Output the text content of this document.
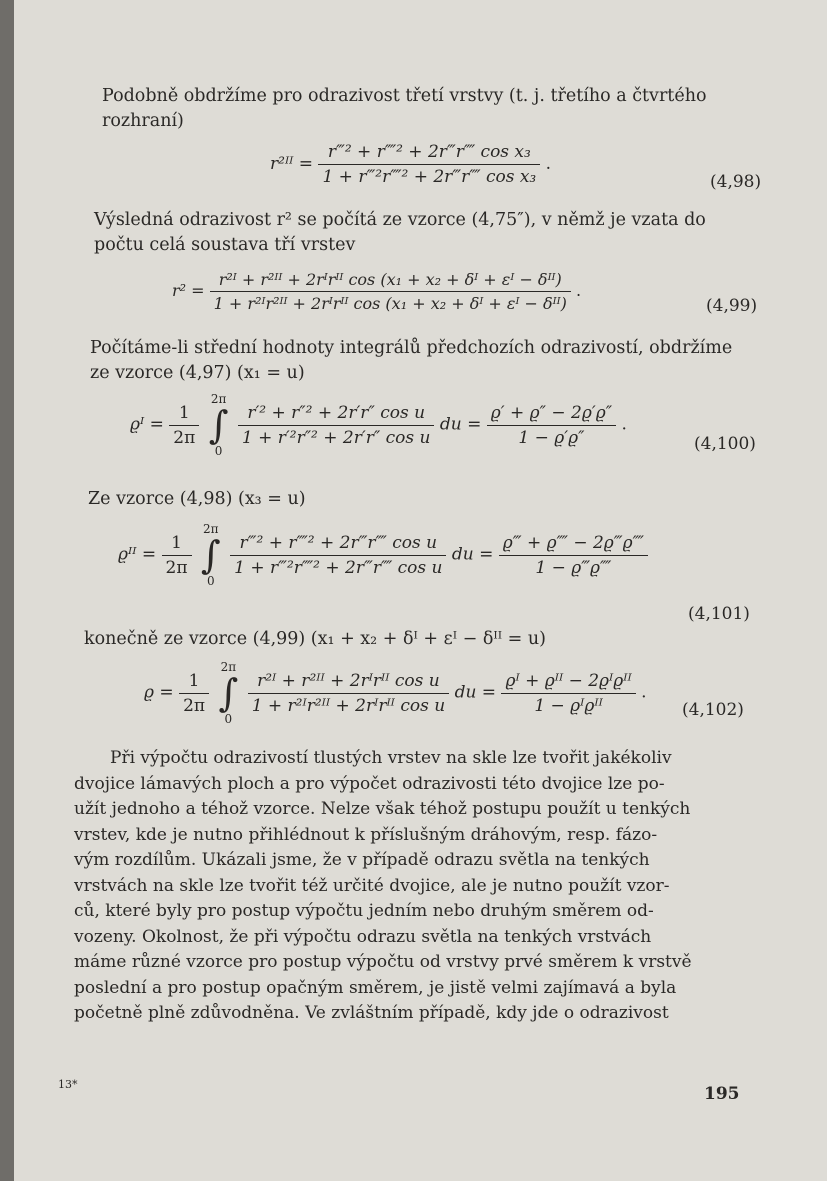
Podobně obdržíme pro odrazivost třetí vrstvy (t. j. třetího a čtvrtého
rozhraní)
r²ᴵᴵ = $\frac{\text{r‴² + r⁗² + 2r‴r⁗ cos x₃}}{\text{1 + r‴²r⁗² + 2r‴r⁗ cos x₃}}$ .
(4,98)
Výsledná odrazivost r² se počítá ze vzorce (4,75″), v němž je vzata do
počtu celá soustava tří vrstev
$r^2 = \frac{\text{r²ᴵ + r²ᴵᴵ + 2rᴵrᴵᴵ cos (x₁ + x₂ + δᴵ + εᴵ − δᴵᴵ)}}{\text{1 + r²ᴵr²ᴵᴵ + 2rᴵrᴵᴵ cos (x₁ + x₂ + δᴵ + εᴵ − δᴵᴵ)}}$ .
(4,99)
Počítáme-li střední hodnoty integrálů předchozích odrazivostí, obdržíme
ze vzorce (4,97) (x₁ = u)
ϱᴵ = $\frac{1}{2\pi}$
2π
∫
0
$\frac{\text{r′² + r″² + 2r′r″ cos u}}{\text{1 + r′²r″² + 2r′r″ cos u}}$ du = $\frac{ϱ' + ϱ'' - 2ϱ'ϱ''}{1 - ϱ'ϱ''}$ .
(4,100)
Ze vzorce (4,98) (x₃ = u)
ϱᴵᴵ = $\frac{1}{2\pi}$
2π
∫
0
$\frac{\text{r‴² + r⁗² + 2r‴r⁗ cos u}}{\text{1 + r‴²r⁗² + 2r‴r⁗ cos u}}$ du = $\frac{ϱ‴ + ϱ⁗ - 2ϱ‴ϱ⁗}{1 - ϱ‴ϱ⁗}$
(4,101)
konečně ze vzorce (4,99) (x₁ + x₂ + δᴵ + εᴵ − δᴵᴵ = u)
$ϱ = \frac{1}{2\pi}$
2π
∫
0
$\frac{\text{r²ᴵ + r²ᴵᴵ + 2rᴵrᴵᴵ cos u}}{\text{1 + r²ᴵr²ᴵᴵ + 2rᴵrᴵᴵ cos u}}$ du = $\frac{\text{ϱᴵ + ϱᴵᴵ − 2ϱᴵϱᴵᴵ}}{\text{1 − ϱᴵϱᴵᴵ}}$ .
(4,102)
Při výpočtu odrazivostí tlustých vrstev na skle lze tvořit jakékoliv
dvojice lámavých ploch a pro výpočet odrazivosti této dvojice lze po-
užít jednoho a téhož vzorce. Nelze však téhož postupu použít u tenkých
vrstev, kde je nutno přihlédnout k příslušným dráhovým, resp. fázo-
vým rozdílům. Ukázali jsme, že v případě odrazu světla na tenkých
vrstvách na skle lze tvořit též určité dvojice, ale je nutno použít vzor-
ců, které byly pro postup výpočtu jedním nebo druhým směrem od-
vozeny. Okolnost, že při výpočtu odrazu světla na tenkých vrstvách
máme různé vzorce pro postup výpočtu od vrstvy prvé směrem k vrstvě
poslední a pro postup opačným směrem, je jistě velmi zajímavá a byla
početně plně zdůvodněna. Ve zvláštním případě, kdy jde o odrazivost
13*	195
